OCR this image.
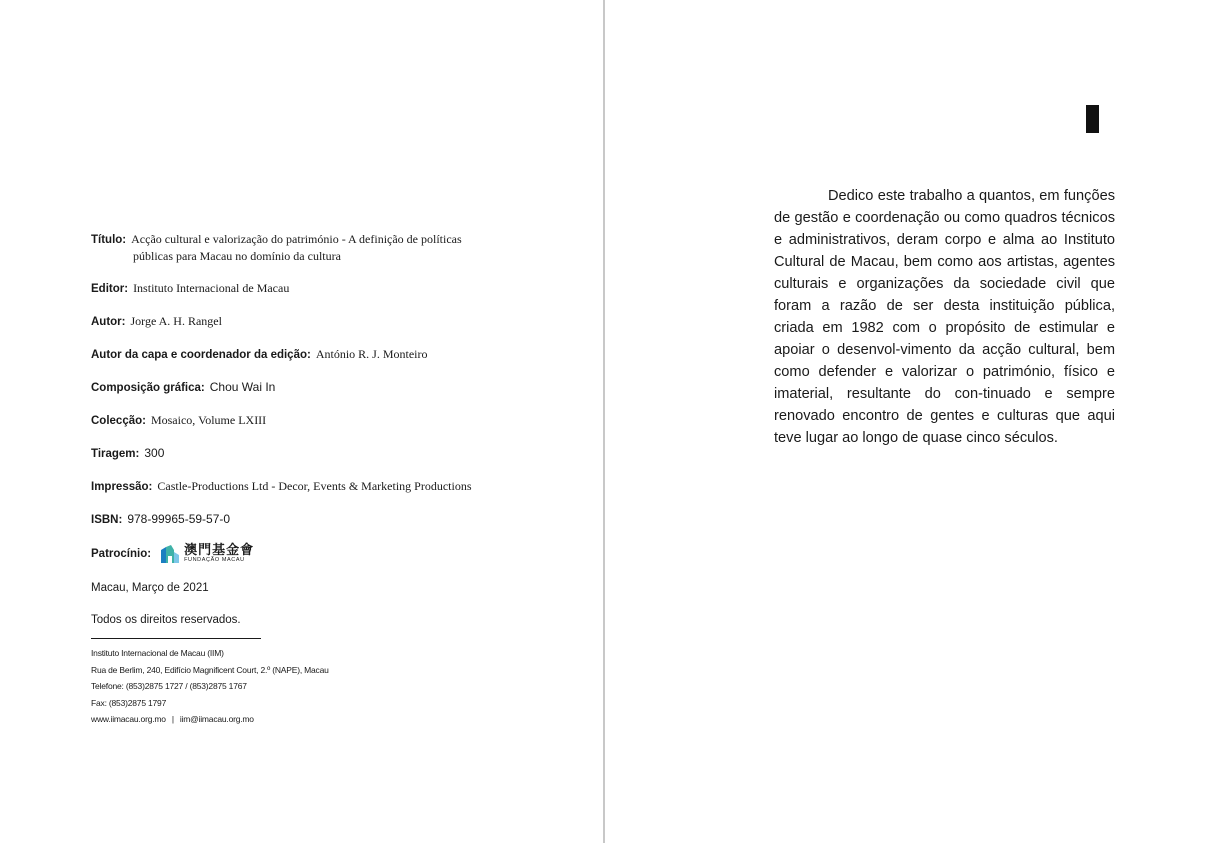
Título: Acção cultural e valorização do património - A definição de políticas
públicas para Macau no domínio da cultura
Editor: Instituto Internacional de Macau
Autor: Jorge A. H. Rangel
Autor da capa e coordenador da edição: António R. J. Monteiro
Composição gráfica: Chou Wai In
Colecção: Mosaico, Volume LXIII
Tiragem: 300
Impressão: Castle-Productions Ltd - Decor, Events & Marketing Productions
ISBN: 978-99965-59-57-0
Patrocínio:	澳門基金會
FUNDAÇÃO MACAU
Macau, Março de 2021
Todos os direitos reservados.
Instituto Internacional de Macau (IIM)
Rua de Berlim, 240, Edifício Magnificent Court, 2.º (NAPE), Macau
Telefone: (853)2875 1727 / (853)2875 1767
Fax: (853)2875 1797
www.iimacau.org.mo | iim@iimacau.org.mo

Dedico este trabalho a quantos, em funções de gestão e coordenação ou como quadros técnicos e administrativos, deram corpo e alma ao Instituto Cultural de Macau, bem como aos artistas, agentes culturais e organizações da sociedade civil que foram a razão de ser desta instituição pública, criada em 1982 com o propósito de estimular e apoiar o desenvol-vimento da acção cultural, bem como defender e valorizar o património, físico e imaterial, resultante do con-tinuado e sempre renovado encontro de gentes e culturas que aqui teve lugar ao longo de quase cinco séculos.
